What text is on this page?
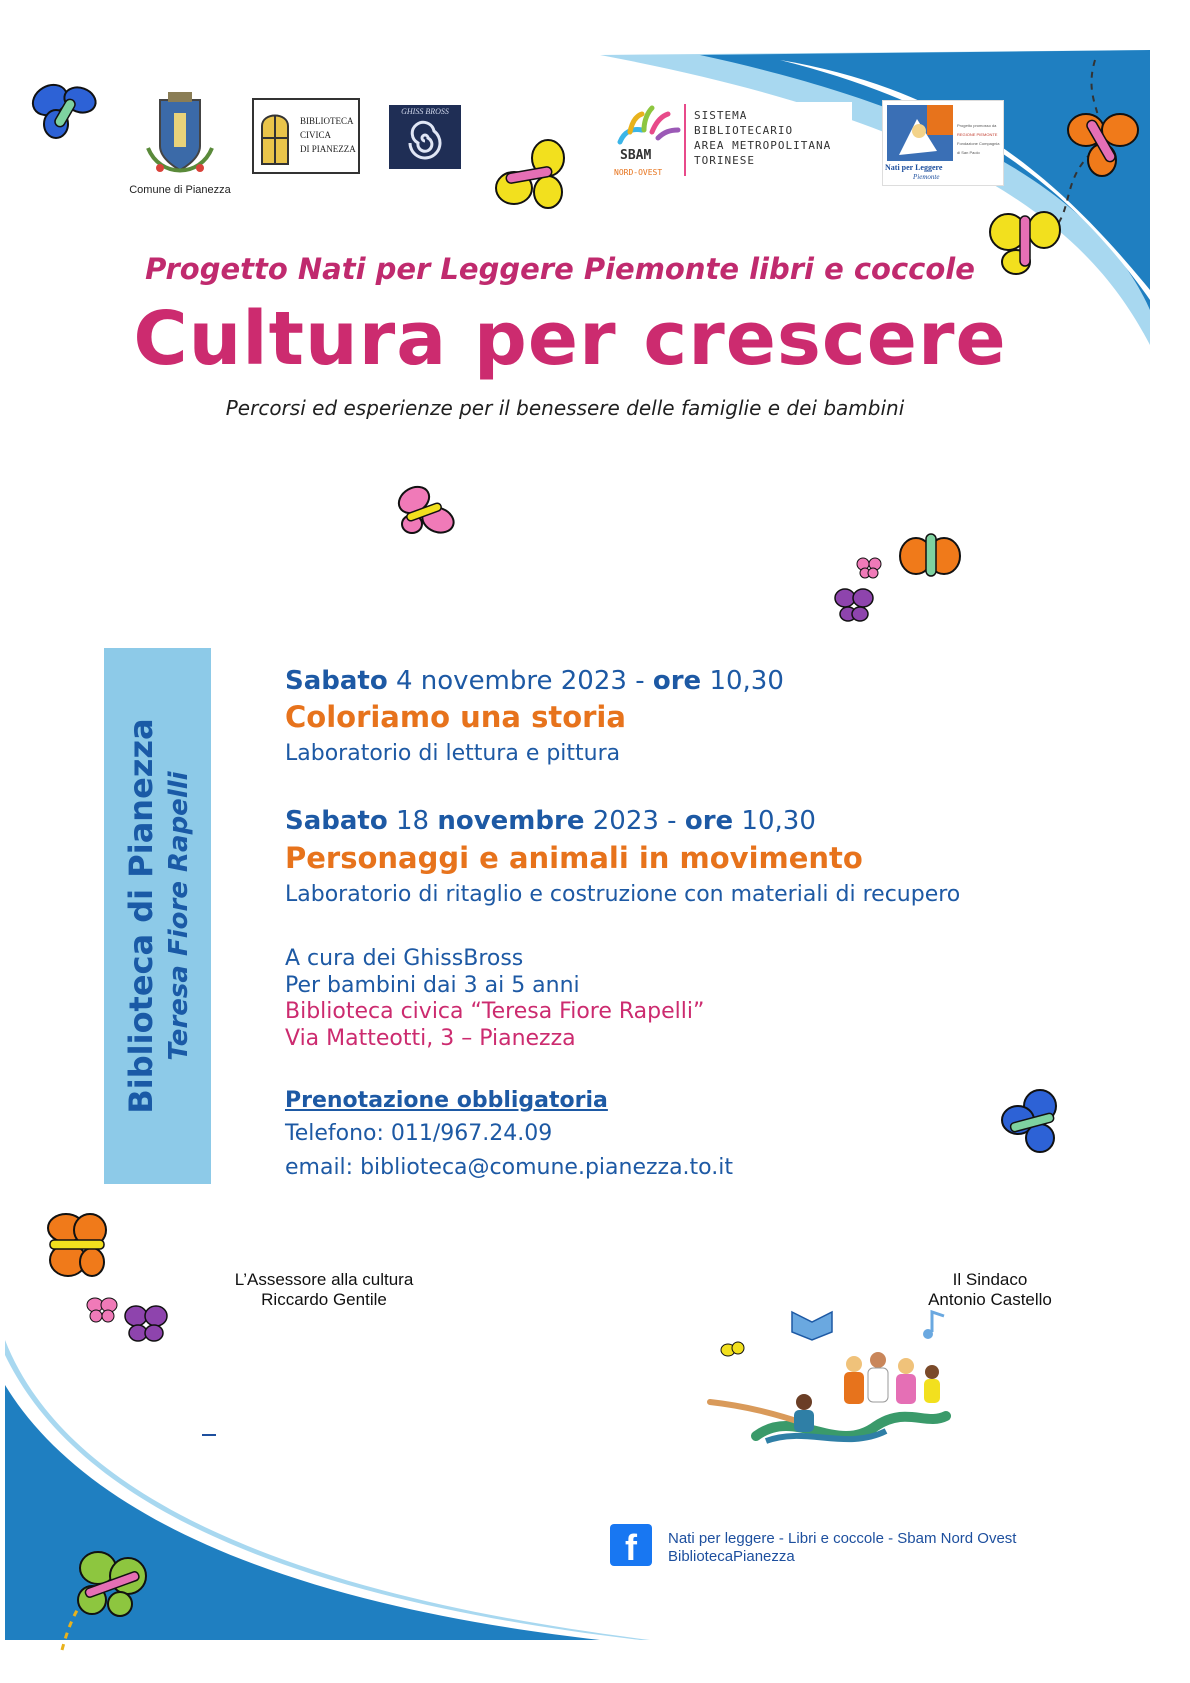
Comune di Pianezza
BIBLIOTECA
CIVICA
DI PIANEZZA
GHISS BROSS
SBAM
NORD-OVEST
SISTEMA
BIBLIOTECARIO
AREA METROPOLITANA
TORINESE
Nati per Leggere
Piemonte
Progetto promosso da
REGIONE PIEMONTE
Fondazione Compagnia di San Paolo
Progetto Nati per Leggere Piemonte libri e coccole
Cultura per crescere
Percorsi ed esperienze per il benessere delle famiglie e dei bambini
Biblioteca di Pianezza Teresa Fiore Rapelli
Sabato 4 novembre 2023 - ore 10,30
Coloriamo una storia
Laboratorio di lettura e pittura
Sabato 18 novembre 2023 - ore 10,30
Personaggi e animali in movimento
Laboratorio di ritaglio e costruzione con materiali di recupero
A cura dei GhissBross
Per bambini dai 3 ai 5 anni
Biblioteca civica “Teresa Fiore Rapelli”
Via Matteotti, 3 – Pianezza
Prenotazione obbligatoria
Telefono: 011/967.24.09
email: biblioteca@comune.pianezza.to.it
L’Assessore alla cultura
Riccardo Gentile
Il Sindaco
Antonio Castello
f	Nati per leggere - Libri e coccole - Sbam Nord Ovest
BibliotecaPianezza
